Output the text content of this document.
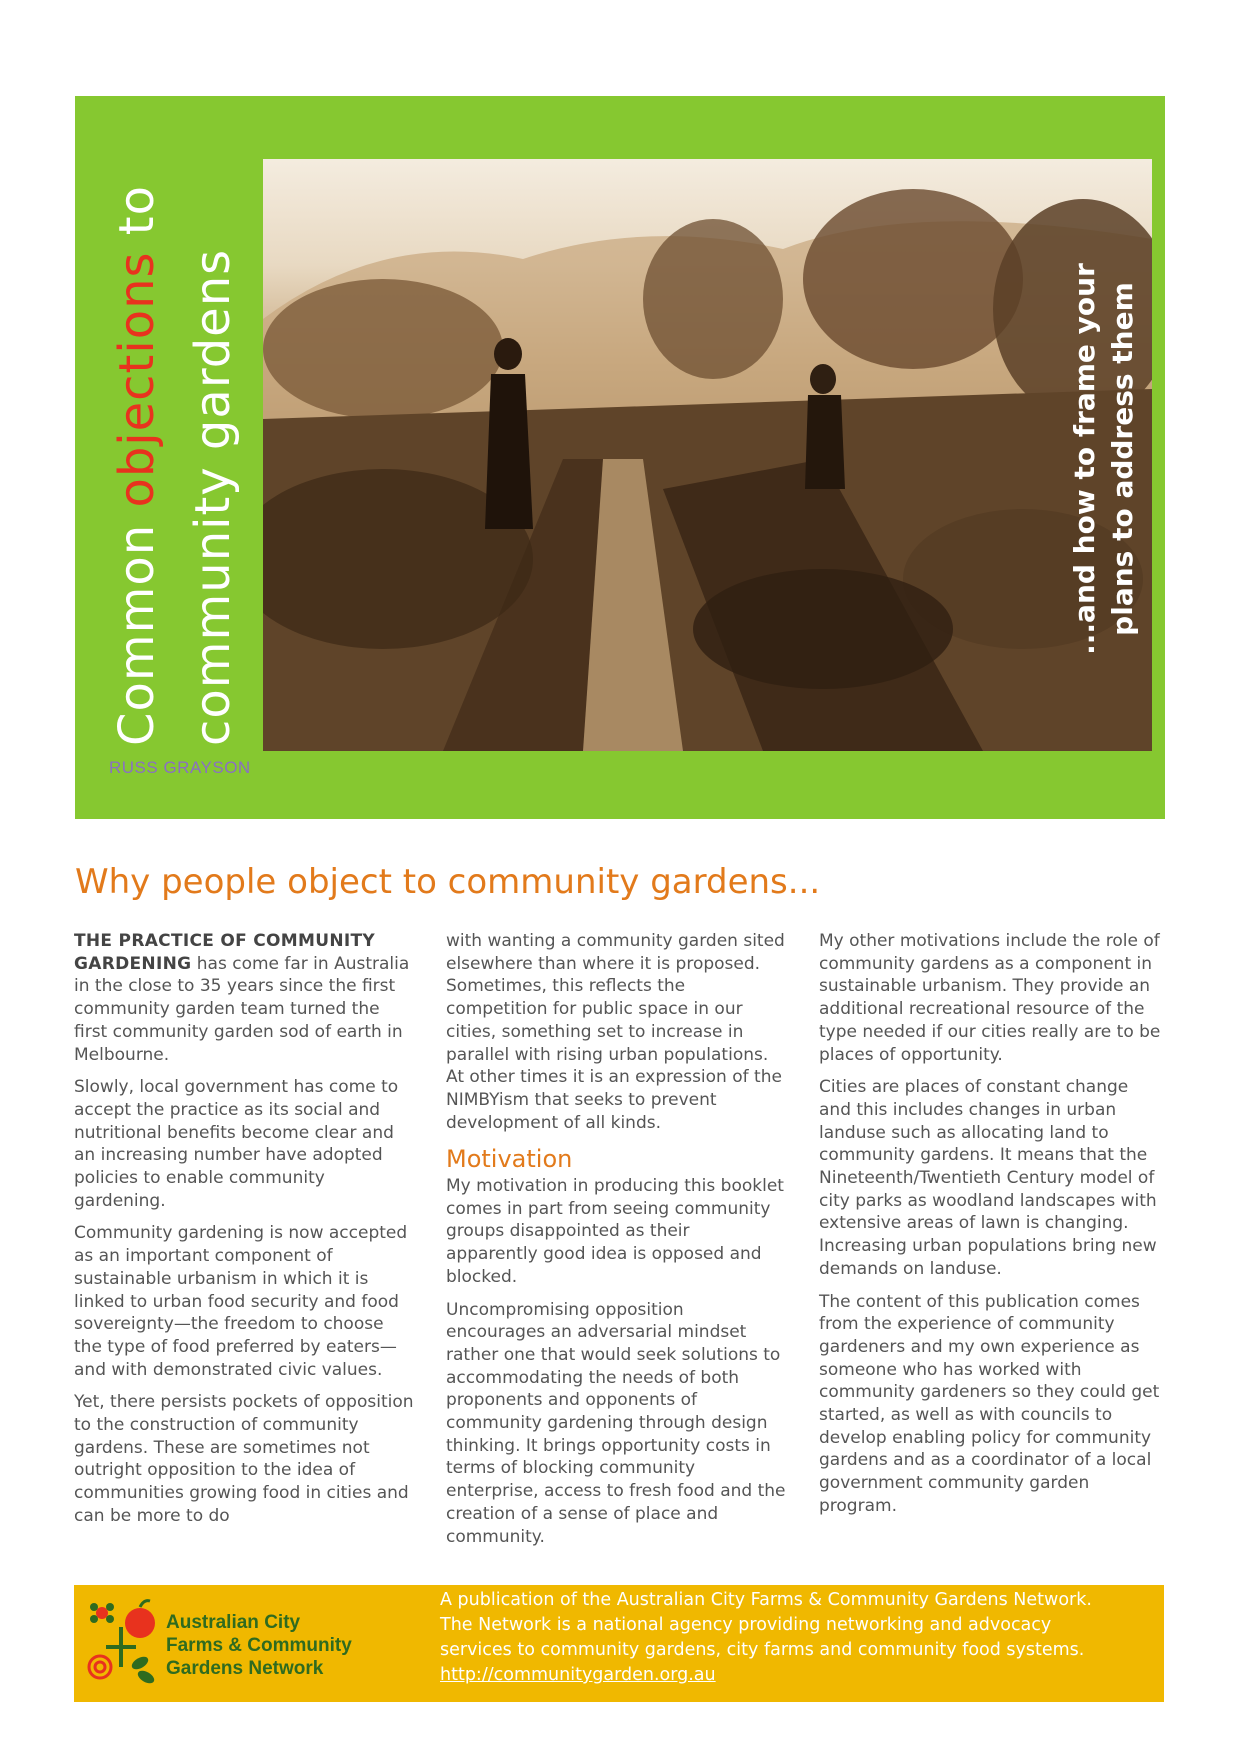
Common objections to
community gardens
RUSS GRAYSON
...and how to frame your plans to address them
Why people object to community gardens...

THE PRACTICE OF COMMUNITY GARDENING has come far in Australia in the close to 35 years since the first community garden team turned the first community garden sod of earth in Melbourne.

Slowly, local government has come to accept the practice as its social and nutritional benefits become clear and an increasing number have adopted policies to enable community gardening.

Community gardening is now accepted as an important component of sustainable urbanism in which it is linked to urban food security and food sovereignty—the freedom to choose the type of food preferred by eaters—and with demonstrated civic values.

Yet, there persists pockets of opposition to the construction of community gardens. These are sometimes not outright opposition to the idea of communities growing food in cities and can be more to do

with wanting a community garden sited elsewhere than where it is proposed. Sometimes, this reflects the competition for public space in our cities, something set to increase in parallel with rising urban populations. At other times it is an expression of the NIMBYism that seeks to prevent development of all kinds.

Motivation

My motivation in producing this booklet comes in part from seeing community groups disappointed as their apparently good idea is opposed and blocked.

Uncompromising opposition encourages an adversarial mindset rather one that would seek solutions to accommodating the needs of both proponents and opponents of community gardening through design thinking. It brings opportunity costs in terms of blocking community enterprise, access to fresh food and the creation of a sense of place and community.

My other motivations include the role of community gardens as a component in sustainable urbanism. They provide an additional recreational resource of the type needed if our cities really are to be places of opportunity.

Cities are places of constant change and this includes changes in urban landuse such as allocating land to community gardens. It means that the Nineteenth/Twentieth Century model of city parks as woodland landscapes with extensive areas of lawn is changing. Increasing urban populations bring new demands on landuse.

The content of this publication comes from the experience of community gardeners and my own experience as someone who has worked with community gardeners so they could get started, as well as with councils to develop enabling policy for community gardens and as a coordinator of a local government community garden program.

Australian City
Farms & Community
Gardens Network
A publication of the Australian City Farms & Community Gardens Network.
The Network is a national agency providing networking and advocacy
services to community gardens, city farms and community food systems.
http://communitygarden.org.au
